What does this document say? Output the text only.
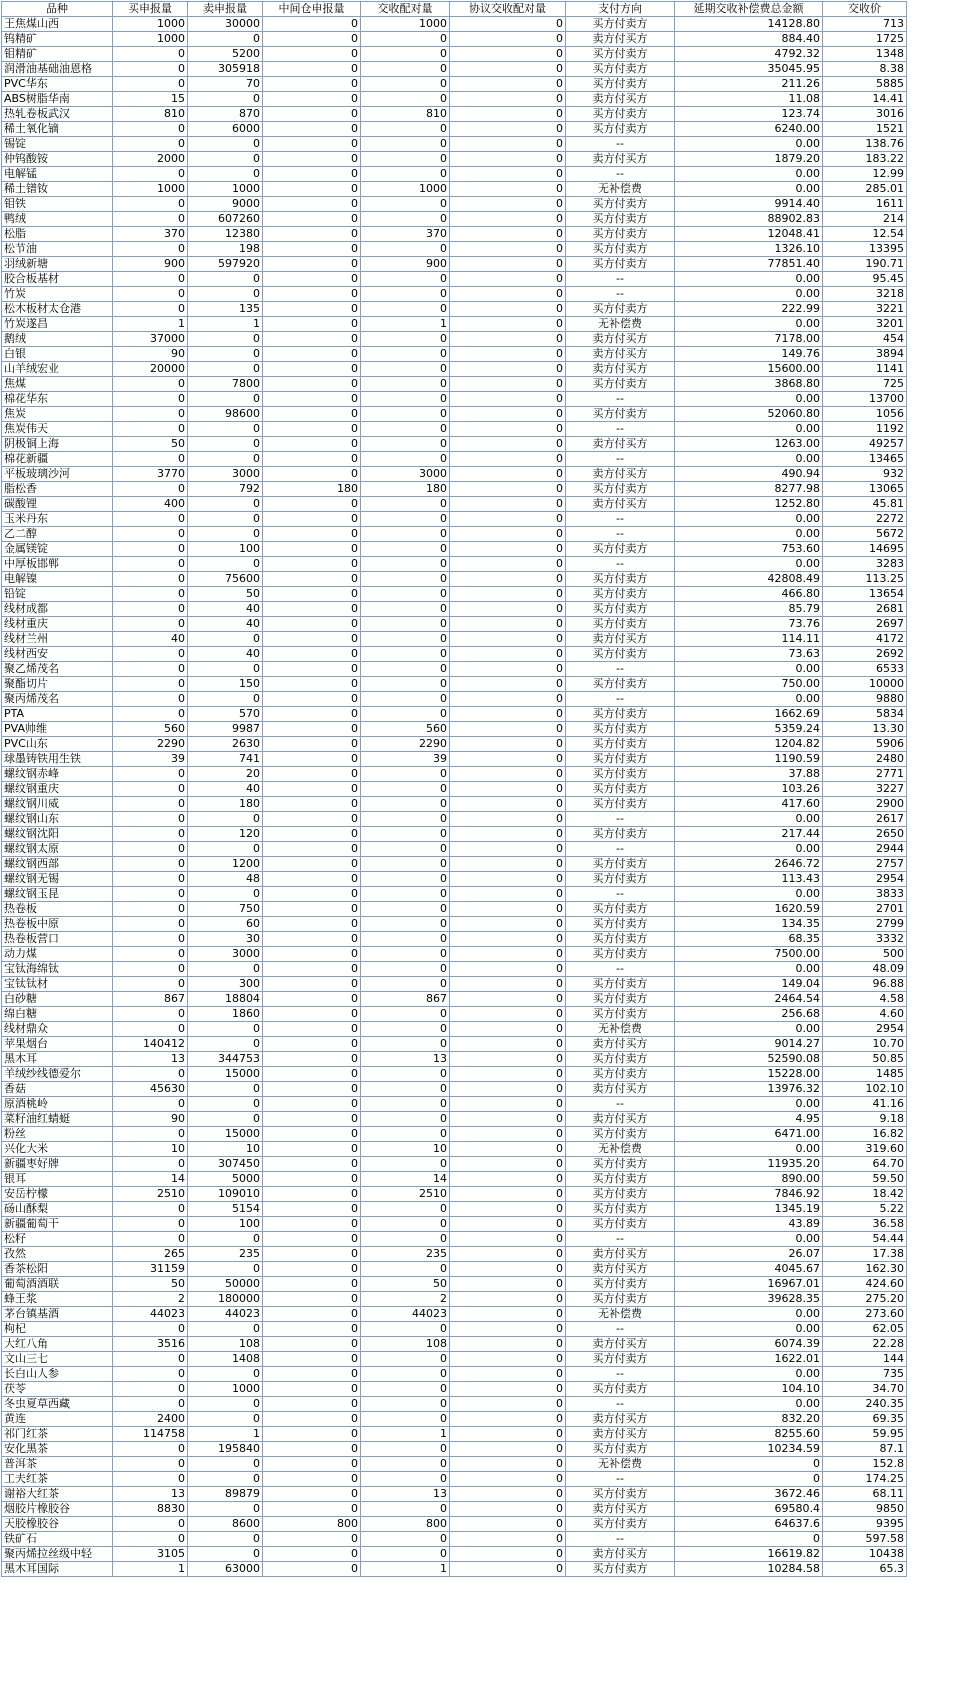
品种	买申报量	卖申报量	中间仓申报量	交收配对量	协议交收配对量	支付方向	延期交收补偿费总金额	交收价
王焦煤山西	1000	30000	0	1000	0	买方付卖方	14128.80	713
钨精矿	1000	0	0	0	0	卖方付买方	884.40	1725
钼精矿	0	5200	0	0	0	买方付卖方	4792.32	1348
润滑油基础油恩格	0	305918	0	0	0	买方付卖方	35045.95	8.38
PVC华东	0	70	0	0	0	买方付卖方	211.26	5885
ABS树脂华南	15	0	0	0	0	卖方付买方	11.08	14.41
热轧卷板武汉	810	870	0	810	0	买方付卖方	123.74	3016
稀土氧化镝	0	6000	0	0	0	买方付卖方	6240.00	1521
锡锭	0	0	0	0	0	--	0.00	138.76
仲钨酸铵	2000	0	0	0	0	卖方付买方	1879.20	183.22
电解锰	0	0	0	0	0	--	0.00	12.99
稀土镨钕	1000	1000	0	1000	0	无补偿费	0.00	285.01
钼铁	0	9000	0	0	0	买方付卖方	9914.40	1611
鸭绒	0	607260	0	0	0	买方付卖方	88902.83	214
松脂	370	12380	0	370	0	买方付卖方	12048.41	12.54
松节油	0	198	0	0	0	买方付卖方	1326.10	13395
羽绒新塘	900	597920	0	900	0	买方付卖方	77851.40	190.71
胶合板基材	0	0	0	0	0	--	0.00	95.45
竹炭	0	0	0	0	0	--	0.00	3218
松木板材太仓港	0	135	0	0	0	买方付卖方	222.99	3221
竹炭遂昌	1	1	0	1	0	无补偿费	0.00	3201
鹅绒	37000	0	0	0	0	卖方付买方	7178.00	454
白银	90	0	0	0	0	卖方付买方	149.76	3894
山羊绒宏业	20000	0	0	0	0	卖方付买方	15600.00	1141
焦煤	0	7800	0	0	0	买方付卖方	3868.80	725
棉花华东	0	0	0	0	0	--	0.00	13700
焦炭	0	98600	0	0	0	买方付卖方	52060.80	1056
焦炭伟天	0	0	0	0	0	--	0.00	1192
阴极铜上海	50	0	0	0	0	卖方付买方	1263.00	49257
棉花新疆	0	0	0	0	0	--	0.00	13465
平板玻璃沙河	3770	3000	0	3000	0	卖方付买方	490.94	932
脂松香	0	792	180	180	0	买方付卖方	8277.98	13065
碳酸锂	400	0	0	0	0	卖方付买方	1252.80	45.81
玉米丹东	0	0	0	0	0	--	0.00	2272
乙二醇	0	0	0	0	0	--	0.00	5672
金属镁锭	0	100	0	0	0	买方付卖方	753.60	14695
中厚板邯郸	0	0	0	0	0	--	0.00	3283
电解镍	0	75600	0	0	0	买方付卖方	42808.49	113.25
铅锭	0	50	0	0	0	买方付卖方	466.80	13654
线材成都	0	40	0	0	0	买方付卖方	85.79	2681
线材重庆	0	40	0	0	0	买方付卖方	73.76	2697
线材兰州	40	0	0	0	0	卖方付买方	114.11	4172
线材西安	0	40	0	0	0	买方付卖方	73.63	2692
聚乙烯茂名	0	0	0	0	0	--	0.00	6533
聚酯切片	0	150	0	0	0	买方付卖方	750.00	10000
聚丙烯茂名	0	0	0	0	0	--	0.00	9880
PTA	0	570	0	0	0	买方付卖方	1662.69	5834
PVA帅维	560	9987	0	560	0	买方付卖方	5359.24	13.30
PVC山东	2290	2630	0	2290	0	买方付卖方	1204.82	5906
球墨铸铁用生铁	39	741	0	39	0	买方付卖方	1190.59	2480
螺纹钢赤峰	0	20	0	0	0	买方付卖方	37.88	2771
螺纹钢重庆	0	40	0	0	0	买方付卖方	103.26	3227
螺纹钢川威	0	180	0	0	0	买方付卖方	417.60	2900
螺纹钢山东	0	0	0	0	0	--	0.00	2617
螺纹钢沈阳	0	120	0	0	0	买方付卖方	217.44	2650
螺纹钢太原	0	0	0	0	0	--	0.00	2944
螺纹钢西部	0	1200	0	0	0	买方付卖方	2646.72	2757
螺纹钢无锡	0	48	0	0	0	买方付卖方	113.43	2954
螺纹钢玉昆	0	0	0	0	0	--	0.00	3833
热卷板	0	750	0	0	0	买方付卖方	1620.59	2701
热卷板中原	0	60	0	0	0	买方付卖方	134.35	2799
热卷板营口	0	30	0	0	0	买方付卖方	68.35	3332
动力煤	0	3000	0	0	0	买方付卖方	7500.00	500
宝钛海绵钛	0	0	0	0	0	--	0.00	48.09
宝钛钛材	0	300	0	0	0	买方付卖方	149.04	96.88
白砂糖	867	18804	0	867	0	买方付卖方	2464.54	4.58
绵白糖	0	1860	0	0	0	买方付卖方	256.68	4.60
线材鼎众	0	0	0	0	0	无补偿费	0.00	2954
苹果烟台	140412	0	0	0	0	卖方付买方	9014.27	10.70
黑木耳	13	344753	0	13	0	买方付卖方	52590.08	50.85
羊绒纱线德爱尔	0	15000	0	0	0	买方付卖方	15228.00	1485
香菇	45630	0	0	0	0	卖方付买方	13976.32	102.10
原酒桃岭	0	0	0	0	0	--	0.00	41.16
菜籽油红蜻蜓	90	0	0	0	0	卖方付买方	4.95	9.18
粉丝	0	15000	0	0	0	买方付卖方	6471.00	16.82
兴化大米	10	10	0	10	0	无补偿费	0.00	319.60
新疆枣好牌	0	307450	0	0	0	买方付卖方	11935.20	64.70
银耳	14	5000	0	14	0	买方付卖方	890.00	59.50
安岳柠檬	2510	109010	0	2510	0	买方付卖方	7846.92	18.42
砀山酥梨	0	5154	0	0	0	买方付卖方	1345.19	5.22
新疆葡萄干	0	100	0	0	0	买方付卖方	43.89	36.58
松籽	0	0	0	0	0	--	0.00	54.44
孜然	265	235	0	235	0	卖方付买方	26.07	17.38
香茶松阳	31159	0	0	0	0	卖方付买方	4045.67	162.30
葡萄酒酒联	50	50000	0	50	0	买方付卖方	16967.01	424.60
蜂王浆	2	180000	0	2	0	买方付卖方	39628.35	275.20
茅台镇基酒	44023	44023	0	44023	0	无补偿费	0.00	273.60
枸杞	0	0	0	0	0	--	0.00	62.05
大红八角	3516	108	0	108	0	卖方付买方	6074.39	22.28
文山三七	0	1408	0	0	0	买方付卖方	1622.01	144
长白山人参	0	0	0	0	0	--	0.00	735
茯苓	0	1000	0	0	0	买方付卖方	104.10	34.70
冬虫夏草西藏	0	0	0	0	0	--	0.00	240.35
黄连	2400	0	0	0	0	卖方付买方	832.20	69.35
祁门红茶	114758	1	0	1	0	卖方付买方	8255.60	59.95
安化黑茶	0	195840	0	0	0	买方付卖方	10234.59	87.1
普洱茶	0	0	0	0	0	无补偿费	0	152.8
工夫红茶	0	0	0	0	0	--	0	174.25
谢裕大红茶	13	89879	0	13	0	买方付卖方	3672.46	68.11
烟胶片橡胶谷	8830	0	0	0	0	卖方付买方	69580.4	9850
天胶橡胶谷	0	8600	800	800	0	买方付卖方	64637.6	9395
铁矿石	0	0	0	0	0	--	0	597.58
聚丙烯拉丝级中轻	3105	0	0	0	0	卖方付买方	16619.82	10438
黑木耳国际	1	63000	0	1	0	买方付卖方	10284.58	65.3
